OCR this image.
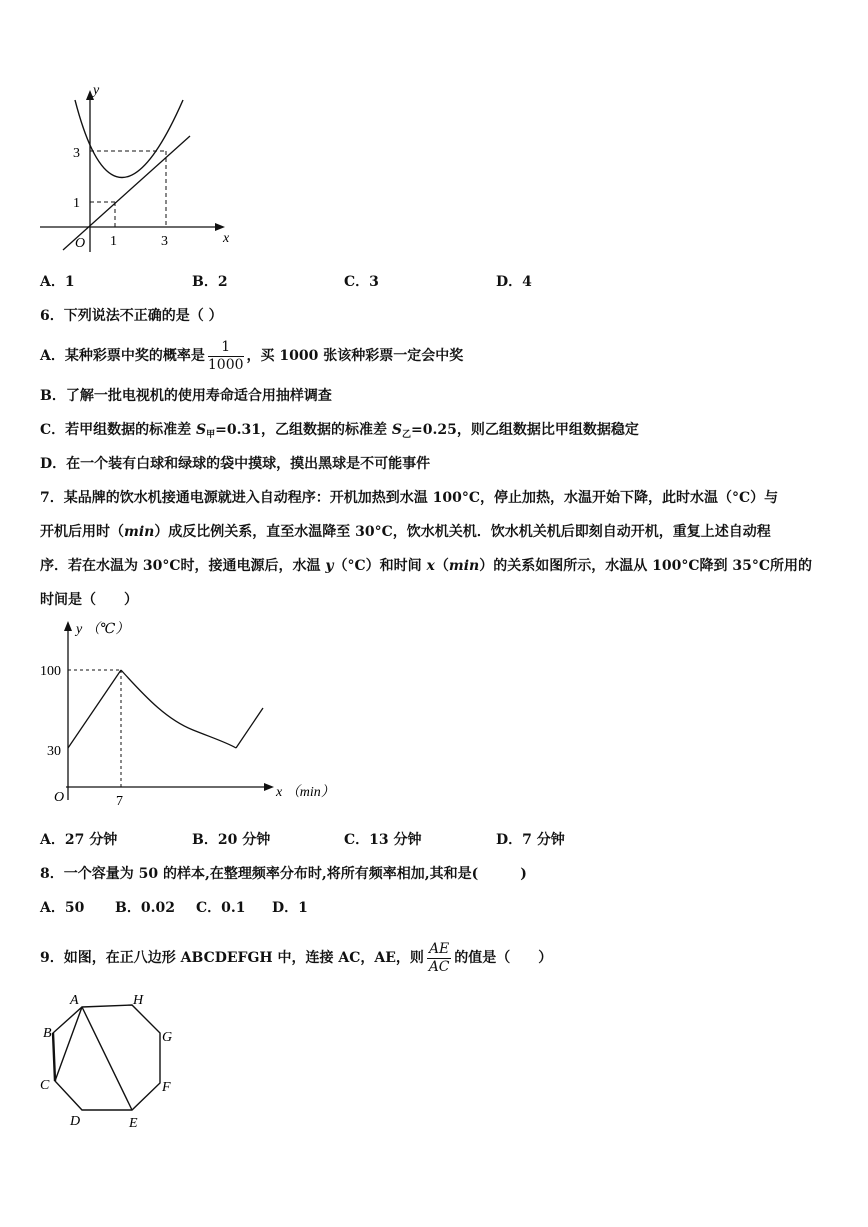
y
x
O 1	3
1
3
A．1	B．2	C．3	D．4
6．下列说法不正确的是（ ）
A．某种彩票中奖的概率是 $\frac{1}{1000}$ ，买 1000 张该种彩票一定会中奖
B．了解一批电视机的使用寿命适合用抽样调查
C．若甲组数据的标准差 $S_甲=0.31$，乙组数据的标准差 $S_乙=0.25$，则乙组数据比甲组数据稳定
D．在一个装有白球和绿球的袋中摸球，摸出黑球是不可能事件
7．某品牌的饮水机接通电源就进入自动程序：开机加热到水温 100°C，停止加热，水温开始下降，此时水温（°C）与
开机后用时（min）成反比例关系，直至水温降至 30°C，饮水机关机．饮水机关机后即刻自动开机，重复上述自动程
序．若在水温为 30°C时，接通电源后，水温 y（°C）和时间 x（min）的关系如图所示，水温从 100°C降到 35°C所用的
时间是（　　）
y （℃）
x （min）
O	7
100
30
A．27 分钟	B．20 分钟	C．13 分钟	D．7 分钟
8．一个容量为 50 的样本,在整理频率分布时,将所有频率相加,其和是(　　　)
A．50 B．0.02 C．0.1 D．1
9．如图，在正八边形 ABCDEFGH 中，连接 AC，AE，则 $\frac{AE}{AC}$ 的值是（　　）
A	H
G
F
E
D
C
B
